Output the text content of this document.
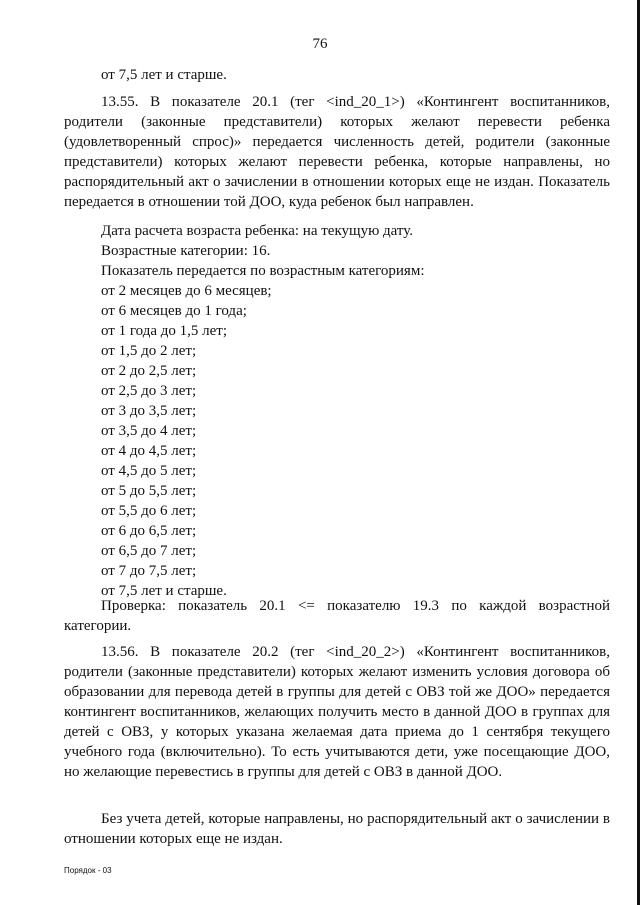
76
от 7,5 лет и старше.
13.55. В показателе 20.1 (тег <ind_20_1>) «Контингент воспитанников, родители (законные представители) которых желают перевести ребенка (удовлетворенный спрос)» передается численность детей, родители (законные представители) которых желают перевести ребенка, которые направлены, но распорядительный акт о зачислении в отношении которых еще не издан. Показатель передается в отношении той ДОО, куда ребенок был направлен.
Дата расчета возраста ребенка: на текущую дату.
Возрастные категории: 16.
Показатель передается по возрастным категориям:
от 2 месяцев до 6 месяцев;
от 6 месяцев до 1 года;
от 1 года до 1,5 лет;
от 1,5 до 2 лет;
от 2 до 2,5 лет;
от 2,5 до 3 лет;
от 3 до 3,5 лет;
от 3,5 до 4 лет;
от 4 до 4,5 лет;
от 4,5 до 5 лет;
от 5 до 5,5 лет;
от 5,5 до 6 лет;
от 6 до 6,5 лет;
от 6,5 до 7 лет;
от 7 до 7,5 лет;
от 7,5 лет и старше.
Проверка: показатель 20.1 <= показателю 19.3 по каждой возрастной категории.
13.56. В показателе 20.2 (тег <ind_20_2>) «Контингент воспитанников, родители (законные представители) которых желают изменить условия договора об образовании для перевода детей в группы для детей с ОВЗ той же ДОО» передается контингент воспитанников, желающих получить место в данной ДОО в группах для детей с ОВЗ, у которых указана желаемая дата приема до 1 сентября текущего учебного года (включительно). То есть учитываются дети, уже посещающие ДОО, но желающие перевестись в группы для детей с ОВЗ в данной ДОО.
Без учета детей, которые направлены, но распорядительный акт о зачислении в отношении которых еще не издан.
Порядок - 03
